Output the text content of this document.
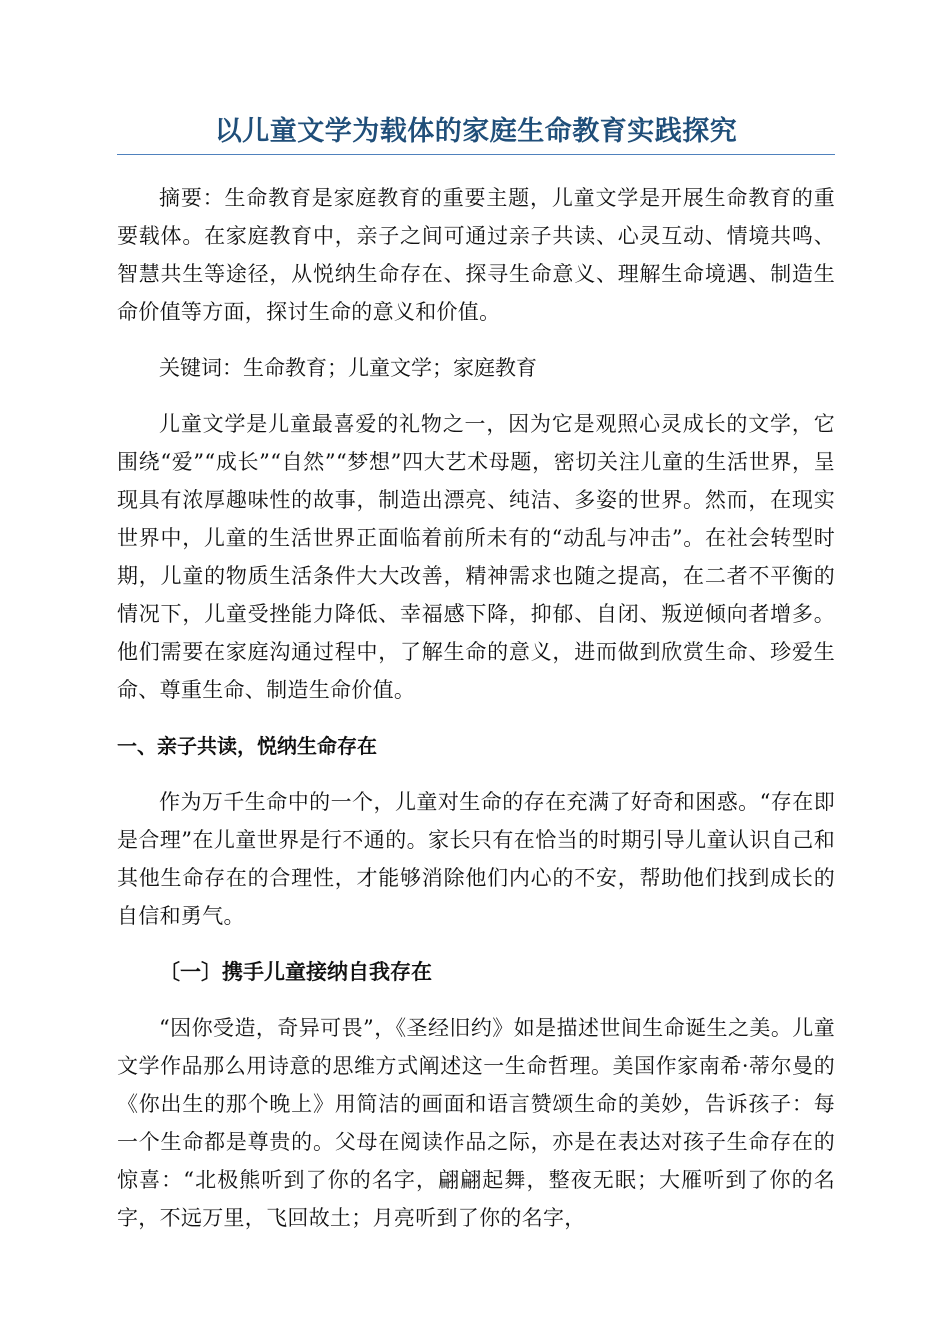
以儿童文学为载体的家庭生命教育实践探究

摘要：生命教育是家庭教育的重要主题，儿童文学是开展生命教育的重要载体。在家庭教育中，亲子之间可通过亲子共读、心灵互动、情境共鸣、智慧共生等途径，从悦纳生命存在、探寻生命意义、理解生命境遇、制造生命价值等方面，探讨生命的意义和价值。

关键词：生命教育；儿童文学；家庭教育

儿童文学是儿童最喜爱的礼物之一，因为它是观照心灵成长的文学，它围绕“爱”“成长”“自然”“梦想”四大艺术母题，密切关注儿童的生活世界，呈现具有浓厚趣味性的故事，制造出漂亮、纯洁、多姿的世界。然而，在现实世界中，儿童的生活世界正面临着前所未有的“动乱与冲击”。在社会转型时期，儿童的物质生活条件大大改善，精神需求也随之提高，在二者不平衡的情况下，儿童受挫能力降低、幸福感下降，抑郁、自闭、叛逆倾向者增多。他们需要在家庭沟通过程中，了解生命的意义，进而做到欣赏生命、珍爱生命、尊重生命、制造生命价值。

一、亲子共读，悦纳生命存在

作为万千生命中的一个，儿童对生命的存在充满了好奇和困惑。“存在即是合理”在儿童世界是行不通的。家长只有在恰当的时期引导儿童认识自己和其他生命存在的合理性，才能够消除他们内心的不安，帮助他们找到成长的自信和勇气。

〔一〕携手儿童接纳自我存在

“因你受造，奇异可畏”，《圣经旧约》如是描述世间生命诞生之美。儿童文学作品那么用诗意的思维方式阐述这一生命哲理。美国作家南希·蒂尔曼的《你出生的那个晚上》用简洁的画面和语言赞颂生命的美妙，告诉孩子：每一个生命都是尊贵的。父母在阅读作品之际，亦是在表达对孩子生命存在的惊喜：“北极熊听到了你的名字，翩翩起舞，整夜无眠；大雁听到了你的名字，不远万里，飞回故土；月亮听到了你的名字，
